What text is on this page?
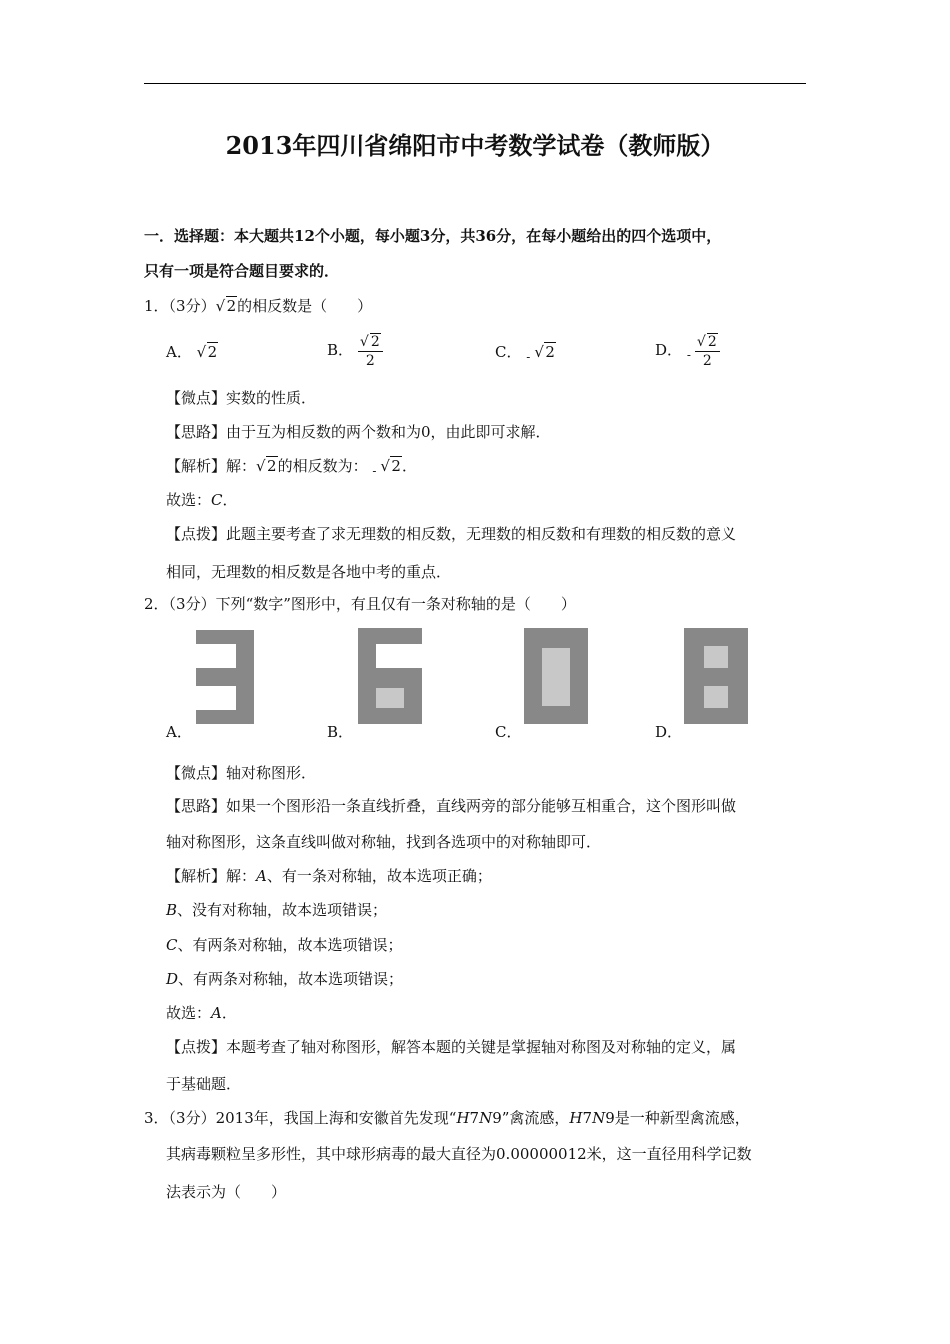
2013年四川省绵阳市中考数学试卷（教师版）
一．选择题：本大题共12个小题，每小题3分，共36分，在每小题给出的四个选项中，
只有一项是符合题目要求的．
1．（3分） √ 2的相反数是（　　）
A． √ 2	B． √ $\frac{2}{2}$	C． $_-$ √ 2	D． $_-$ √ $\frac{2}{2}$
【微点】实数的性质．
【思路】由于互为相反数的两个数和为0，由此即可求解．
【解析】解： √ 2的相反数为： $_-$ √ 2．
故选：C．
【点拨】此题主要考查了求无理数的相反数，无理数的相反数和有理数的相反数的意义
相同，无理数的相反数是各地中考的重点．
2．（3分）下列“数字”图形中，有且仅有一条对称轴的是（　　）
A．	B．	C．	D．
【微点】轴对称图形．
【思路】如果一个图形沿一条直线折叠，直线两旁的部分能够互相重合，这个图形叫做
轴对称图形，这条直线叫做对称轴，找到各选项中的对称轴即可．
【解析】解：A、有一条对称轴，故本选项正确；
B、没有对称轴，故本选项错误；
C、有两条对称轴，故本选项错误；
D、有两条对称轴，故本选项错误；
故选：A．
【点拨】本题考查了轴对称图形，解答本题的关键是掌握轴对称图及对称轴的定义，属
于基础题．
3．（3分）2013年，我国上海和安徽首先发现“H7N9”禽流感，H7N9是一种新型禽流感，
其病毒颗粒呈多形性，其中球形病毒的最大直径为0.00000012米，这一直径用科学记数
法表示为（　　）
